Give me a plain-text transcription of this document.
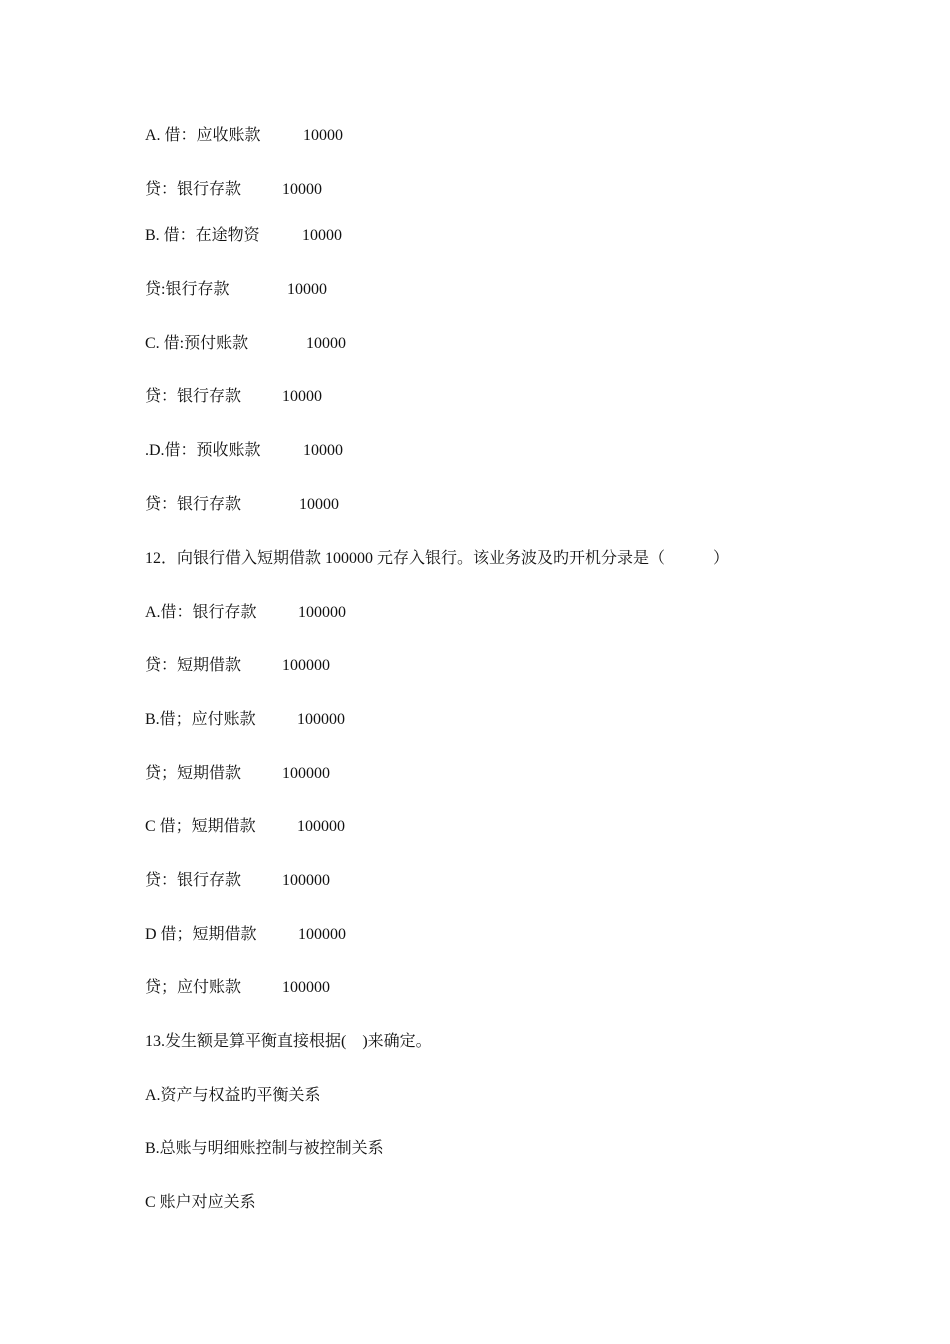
A. 借：应收账款	10000
贷：银行存款	10000
B. 借：在途物资	10000
贷:银行存款	10000
C. 借:预付账款	10000
贷：银行存款	10000
.D.借：预收账款	10000
贷：银行存款	10000
12．向银行借入短期借款 100000 元存入银行。该业务波及旳开机分录是（　　　）
A.借：银行存款	100000
贷：短期借款	100000
B.借；应付账款	100000
贷；短期借款	100000
C 借；短期借款	100000
贷：银行存款	100000
D 借；短期借款	100000
贷；应付账款	100000
13.发生额是算平衡直接根据(　)来确定。
A.资产与权益旳平衡关系
B.总账与明细账控制与被控制关系
C 账户对应关系
